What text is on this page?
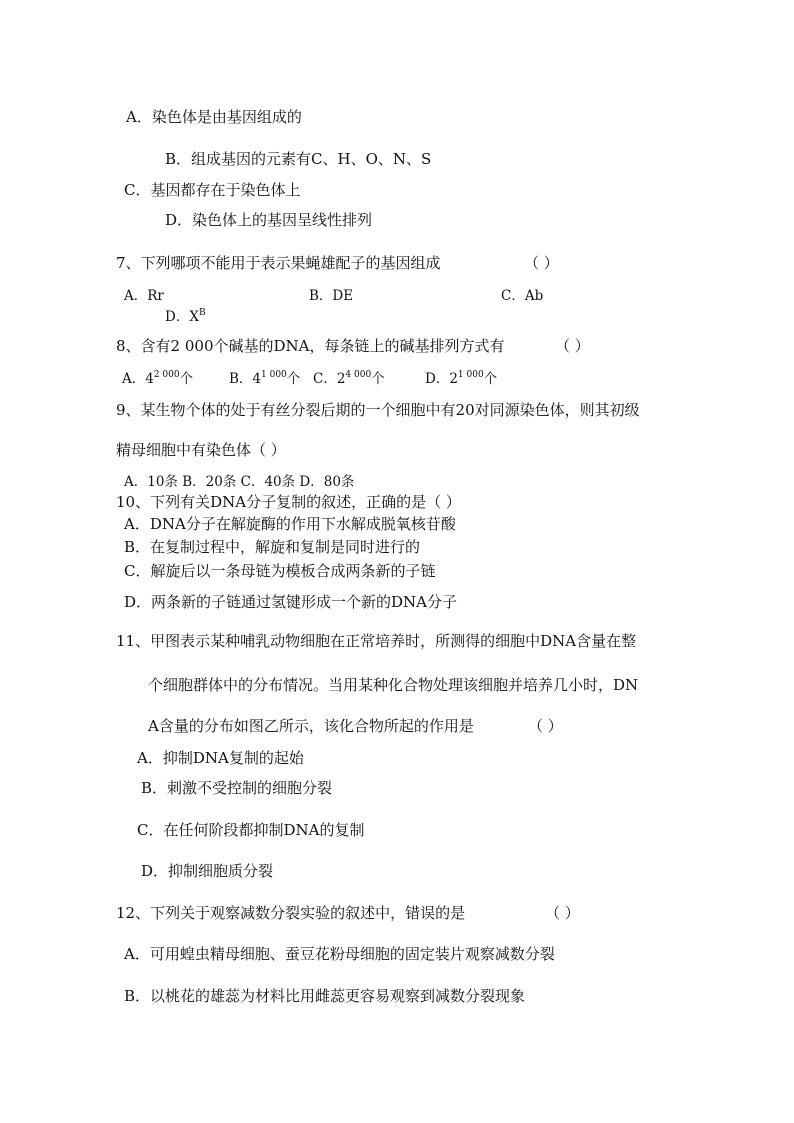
A．染色体是由基因组成的
B．组成基因的元素有C、H、O、N、S
C．基因都存在于染色体上
D．染色体上的基因呈线性排列
7、下列哪项不能用于表示果蝇雄配子的基因组成	（ ）
A．Rr	B．DE	C．Ab
D．$X^B$
8、含有2 000个碱基的DNA，每条链上的碱基排列方式有	（ ）
A．$4^{2 000}$个	B．$4^{1 000}$个 C．$2^{4 000}$个	D．$2^{1 000}$个
9、某生物个体的处于有丝分裂后期的一个细胞中有20对同源染色体，则其初级
精母细胞中有染色体（ ）
A．10条 B．20条 C．40条 D．80条
10、下列有关DNA分子复制的叙述，正确的是（ ）
A．DNA分子在解旋酶的作用下水解成脱氧核苷酸
B．在复制过程中，解旋和复制是同时进行的
C．解旋后以一条母链为模板合成两条新的子链
D．两条新的子链通过氢键形成一个新的DNA分子
11、甲图表示某种哺乳动物细胞在正常培养时，所测得的细胞中DNA含量在整
个细胞群体中的分布情况。当用某种化合物处理该细胞并培养几小时，DN
A含量的分布如图乙所示，该化合物所起的作用是	（ ）
A．抑制DNA复制的起始
B．刺激不受控制的细胞分裂
C．在任何阶段都抑制DNA的复制
D．抑制细胞质分裂
12、下列关于观察减数分裂实验的叙述中，错误的是	（ ）
A．可用蝗虫精母细胞、蚕豆花粉母细胞的固定装片观察减数分裂
B．以桃花的雄蕊为材料比用雌蕊更容易观察到减数分裂现象
